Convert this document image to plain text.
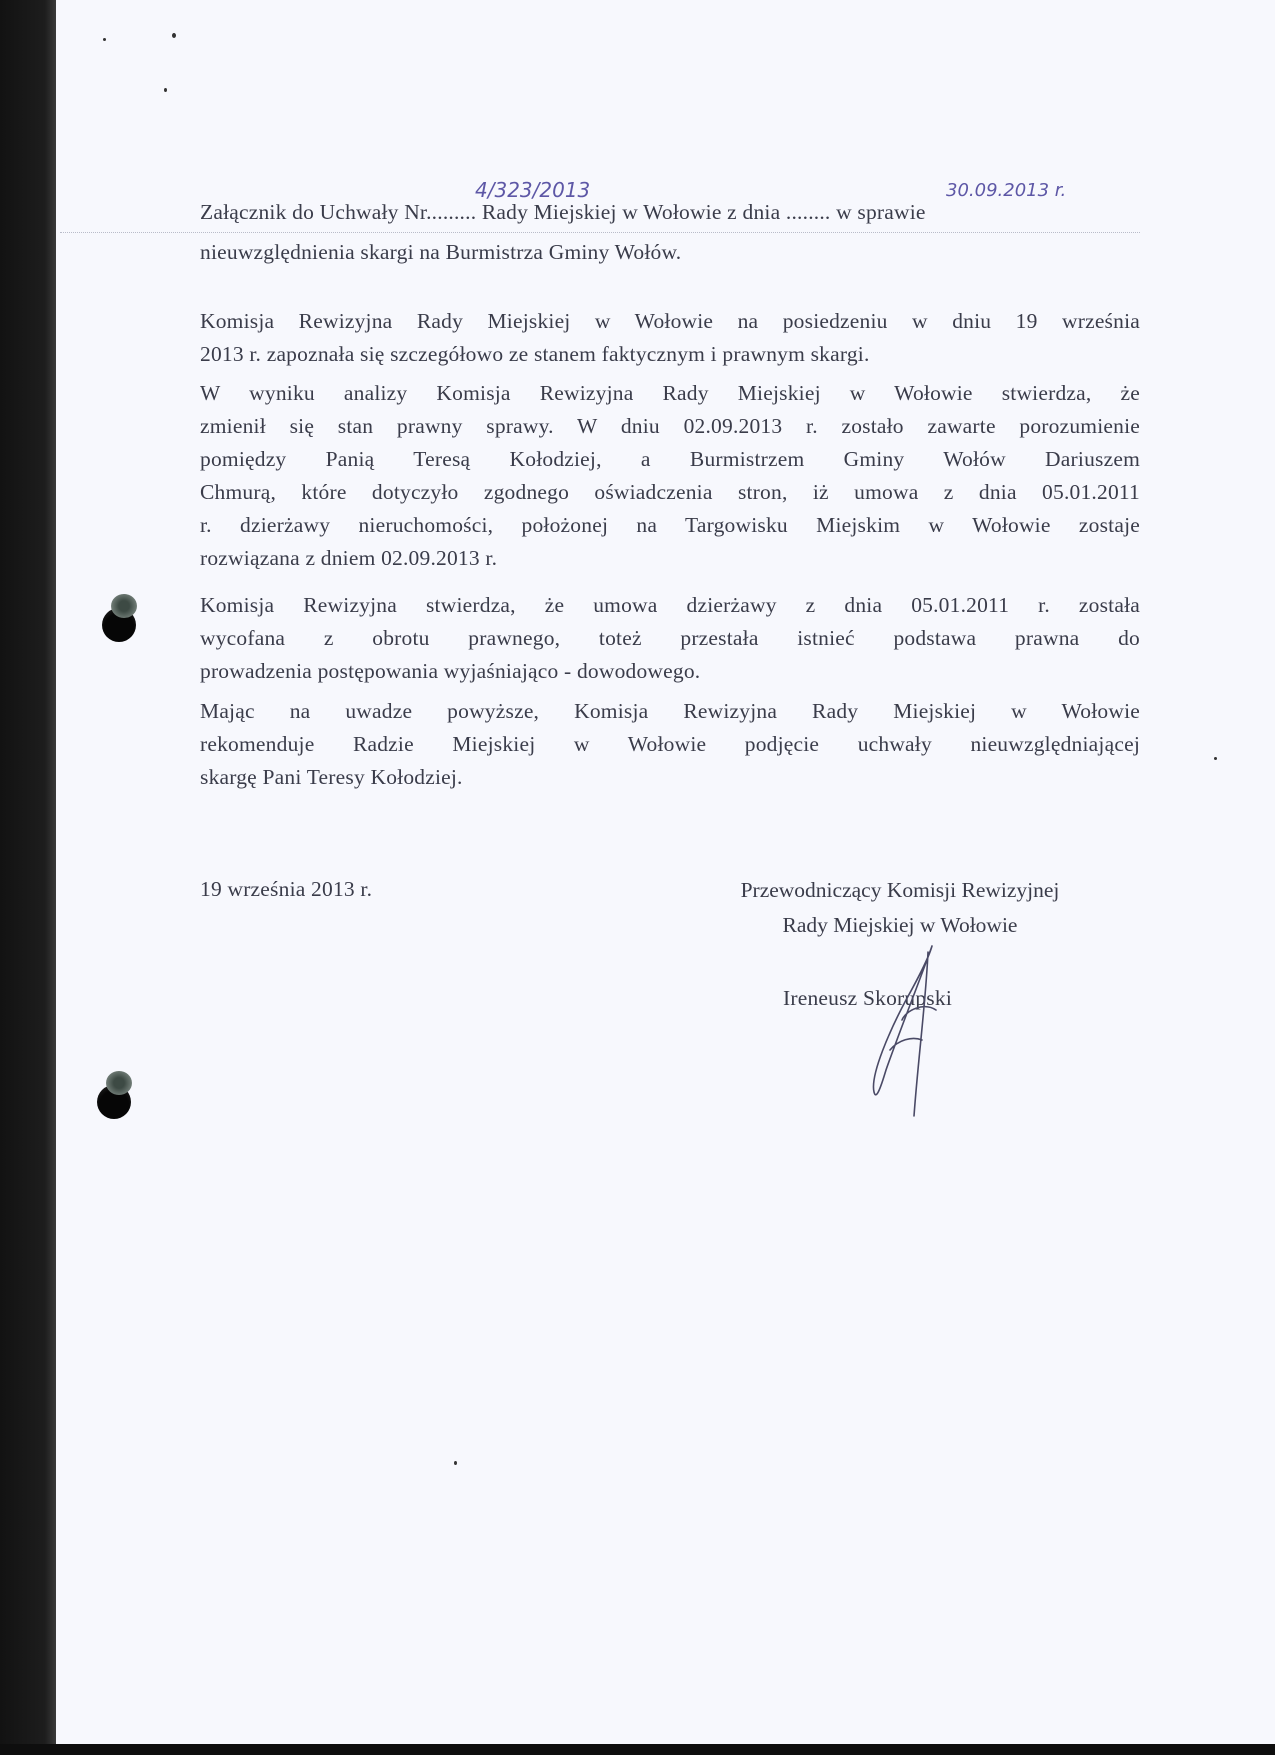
4/323/2013	30.09.2013 r.

Załącznik do Uchwały Nr......... Rady Miejskiej w Wołowie z dnia ........ w sprawie

nieuwzględnienia skargi na Burmistrza Gminy Wołów.

Komisja Rewizyjna Rady Miejskiej w Wołowie na posiedzeniu w dniu 19 września
2013 r. zapoznała się szczegółowo ze stanem faktycznym i prawnym skargi.
W wyniku analizy Komisja Rewizyjna Rady Miejskiej w Wołowie stwierdza, że
zmienił się stan prawny sprawy. W dniu 02.09.2013 r. zostało zawarte porozumienie
pomiędzy Panią Teresą Kołodziej, a Burmistrzem Gminy Wołów Dariuszem
Chmurą, które dotyczyło zgodnego oświadczenia stron, iż umowa z dnia 05.01.2011
r. dzierżawy nieruchomości, położonej na Targowisku Miejskim w Wołowie zostaje
rozwiązana z dniem 02.09.2013 r.
Komisja Rewizyjna stwierdza, że umowa dzierżawy z dnia 05.01.2011 r. została
wycofana z obrotu prawnego, toteż przestała istnieć podstawa prawna do
prowadzenia postępowania wyjaśniająco - dowodowego.
Mając na uwadze powyższe, Komisja Rewizyjna Rady Miejskiej w Wołowie
rekomenduje Radzie Miejskiej w Wołowie podjęcie uchwały nieuwzględniającej
skargę Pani Teresy Kołodziej.

19 września 2013 r.	Przewodniczący Komisji Rewizyjnej
Rady Miejskiej w Wołowie

Ireneusz Skorupski
